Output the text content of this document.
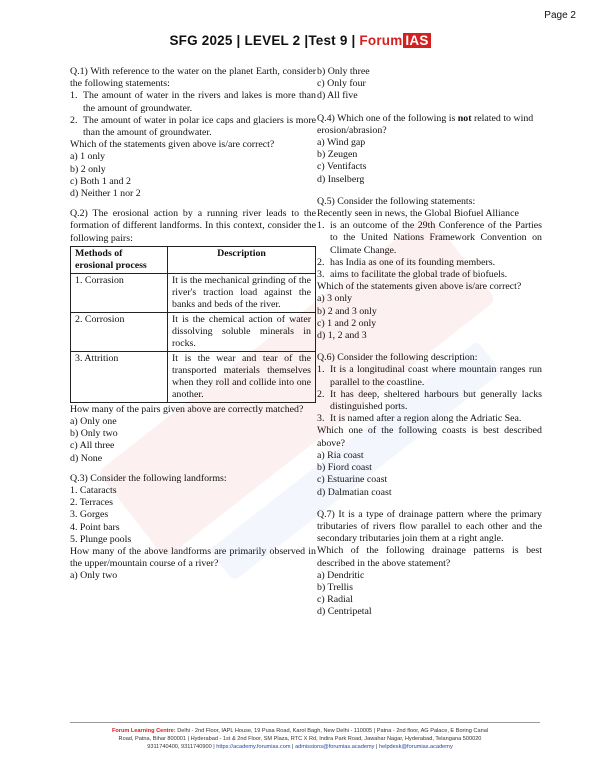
Page 2
SFG 2025 | LEVEL 2 |Test 9 | Forum IAS

Q.1) With reference to the water on the planet Earth, consider the following statements:

1. The amount of water in the rivers and lakes is more than the amount of groundwater.
2. The amount of water in polar ice caps and glaciers is more than the amount of groundwater.

Which of the statements given above is/are correct?

a) 1 only

b) 2 only

c) Both 1 and 2

d) Neither 1 nor 2

Q.2) The erosional action by a running river leads to the formation of different landforms. In this context, consider the following pairs:

Methods of erosional process	Description
1. Corrasion	It is the mechanical grinding of the river's traction load against the banks and beds of the river.
2. Corrosion	It is the chemical action of water dissolving soluble minerals in rocks.
3. Attrition	It is the wear and tear of the transported materials themselves when they roll and collide into one another.

How many of the pairs given above are correctly matched?

a) Only one

b) Only two

c) All three

d) None

Q.3) Consider the following landforms:

1. Cataracts

2. Terraces

3. Gorges

4. Point bars

5. Plunge pools

How many of the above landforms are primarily observed in the upper/mountain course of a river?

a) Only two

b) Only three

c) Only four

d) All five

Q.4) Which one of the following is not related to wind erosion/abrasion?

a) Wind gap

b) Zeugen

c) Ventifacts

d) Inselberg

Q.5) Consider the following statements:

Recently seen in news, the Global Biofuel Alliance

1. is an outcome of the 29th Conference of the Parties to the United Nations Framework Convention on Climate Change.
2. has India as one of its founding members.
3. aims to facilitate the global trade of biofuels.

Which of the statements given above is/are correct?

a) 3 only

b) 2 and 3 only

c) 1 and 2 only

d) 1, 2 and 3

Q.6) Consider the following description:

1. It is a longitudinal coast where mountain ranges run parallel to the coastline.
2. It has deep, sheltered harbours but generally lacks distinguished ports.
3. It is named after a region along the Adriatic Sea.

Which one of the following coasts is best described above?

a) Ria coast

b) Fiord coast

c) Estuarine coast

d) Dalmatian coast

Q.7) It is a type of drainage pattern where the primary tributaries of rivers flow parallel to each other and the secondary tributaries join them at a right angle.

Which of the following drainage patterns is best described in the above statement?

a) Dendritic

b) Trellis

c) Radial

d) Centripetal

Forum Learning Centre: Delhi - 2nd Floor, IAPL House, 19 Pusa Road, Karol Bagh, New Delhi - 110005 | Patna - 2nd floor, AG Palace, E Boring Canal
Road, Patna, Bihar 800001 | Hyderabad - 1st & 2nd Floor, SM Plaza, RTC X Rd, Indira Park Road, Jawahar Nagar, Hyderabad, Telangana 500020
9311740400, 9311740900 | https://academy.forumias.com | admissions@forumias.academy | helpdesk@forumias.academy
